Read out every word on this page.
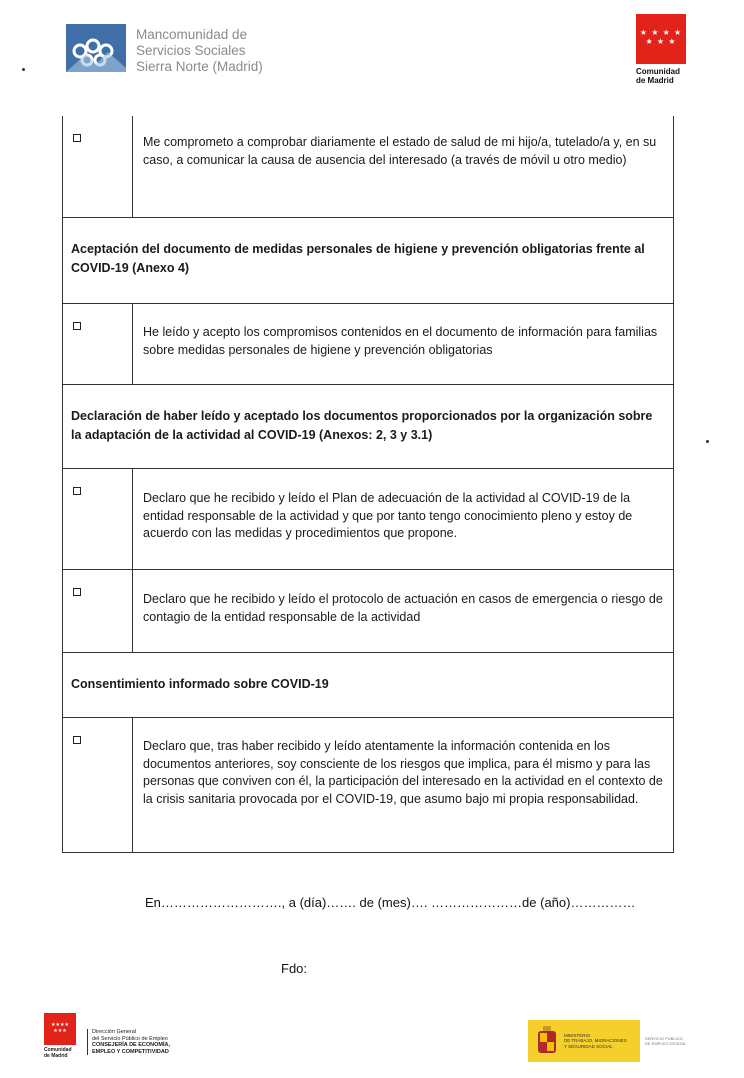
Mancomunidad de
Servicios Sociales
Sierra Norte (Madrid)
★ ★ ★ ★
★ ★ ★
Comunidad
de Madrid
Me comprometo a comprobar diariamente el estado de salud de mi hijo/a, tutelado/a y, en su caso, a comunicar la causa de ausencia del interesado (a través de móvil u otro medio)
Aceptación del documento de medidas personales de higiene y prevención obligatorias frente al COVID-19 (Anexo 4)
He leído y acepto los compromisos contenidos en el documento de información para familias sobre medidas personales de higiene y prevención obligatorias
Declaración de haber leído y aceptado los documentos proporcionados por la organización sobre la adaptación de la actividad al COVID-19 (Anexos: 2, 3 y 3.1)
Declaro que he recibido y leído el Plan de adecuación de la actividad al COVID-19 de la entidad responsable de la actividad y que por tanto tengo conocimiento pleno y estoy de acuerdo con las medidas y procedimientos que propone.
Declaro que he recibido y leído el protocolo de actuación en casos de emergencia o riesgo de contagio de la entidad responsable de la actividad
Consentimiento informado sobre COVID-19
Declaro que, tras haber recibido y leído atentamente la información contenida en los documentos anteriores, soy consciente de los riesgos que implica, para él mismo y para las personas que conviven con él, la participación del interesado en la actividad en el contexto de la crisis sanitaria provocada por el COVID-19, que asumo bajo mi propia responsabilidad.
En………………………., a (día)……. de (mes)…. …………………de (año)……………
Fdo:
★★★★
★★★
Comunidad
de Madrid
Dirección General
del Servicio Público de Empleo
CONSEJERÍA DE ECONOMÍA,
EMPLEO Y COMPETITIVIDAD
MINISTERIO
DE TRABAJO, MIGRACIONES
Y SEGURIDAD SOCIAL
SERVICIO PÚBLICO
DE EMPLEO ESTATAL
